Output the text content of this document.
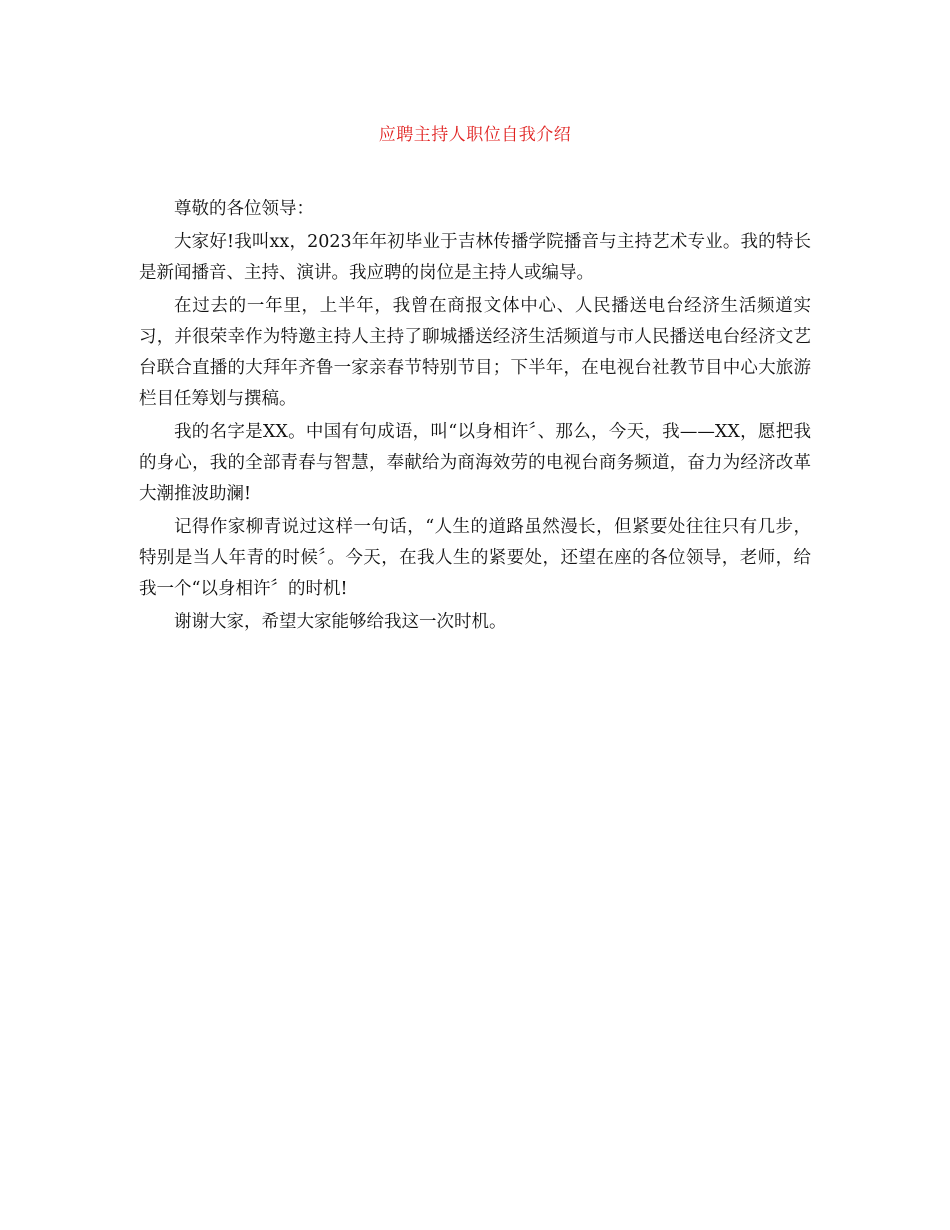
应聘主持人职位自我介绍

尊敬的各位领导：

大家好!我叫xx，2023年年初毕业于吉林传播学院播音与主持艺术专业。我的特长是新闻播音、主持、演讲。我应聘的岗位是主持人或编导。

在过去的一年里，上半年，我曾在商报文体中心、人民播送电台经济生活频道实习，并很荣幸作为特邀主持人主持了聊城播送经济生活频道与市人民播送电台经济文艺台联合直播的大拜年齐鲁一家亲春节特别节目；下半年，在电视台社教节目中心大旅游栏目任筹划与撰稿。

我的名字是XX。中国有句成语，叫“以身相许〞、那么，今天，我——XX，愿把我的身心，我的全部青春与智慧，奉献给为商海效劳的电视台商务频道，奋力为经济改革大潮推波助澜!

记得作家柳青说过这样一句话，“人生的道路虽然漫长，但紧要处往往只有几步，特别是当人年青的时候〞。今天，在我人生的紧要处，还望在座的各位领导，老师，给我一个“以身相许〞的时机!

谢谢大家，希望大家能够给我这一次时机。
